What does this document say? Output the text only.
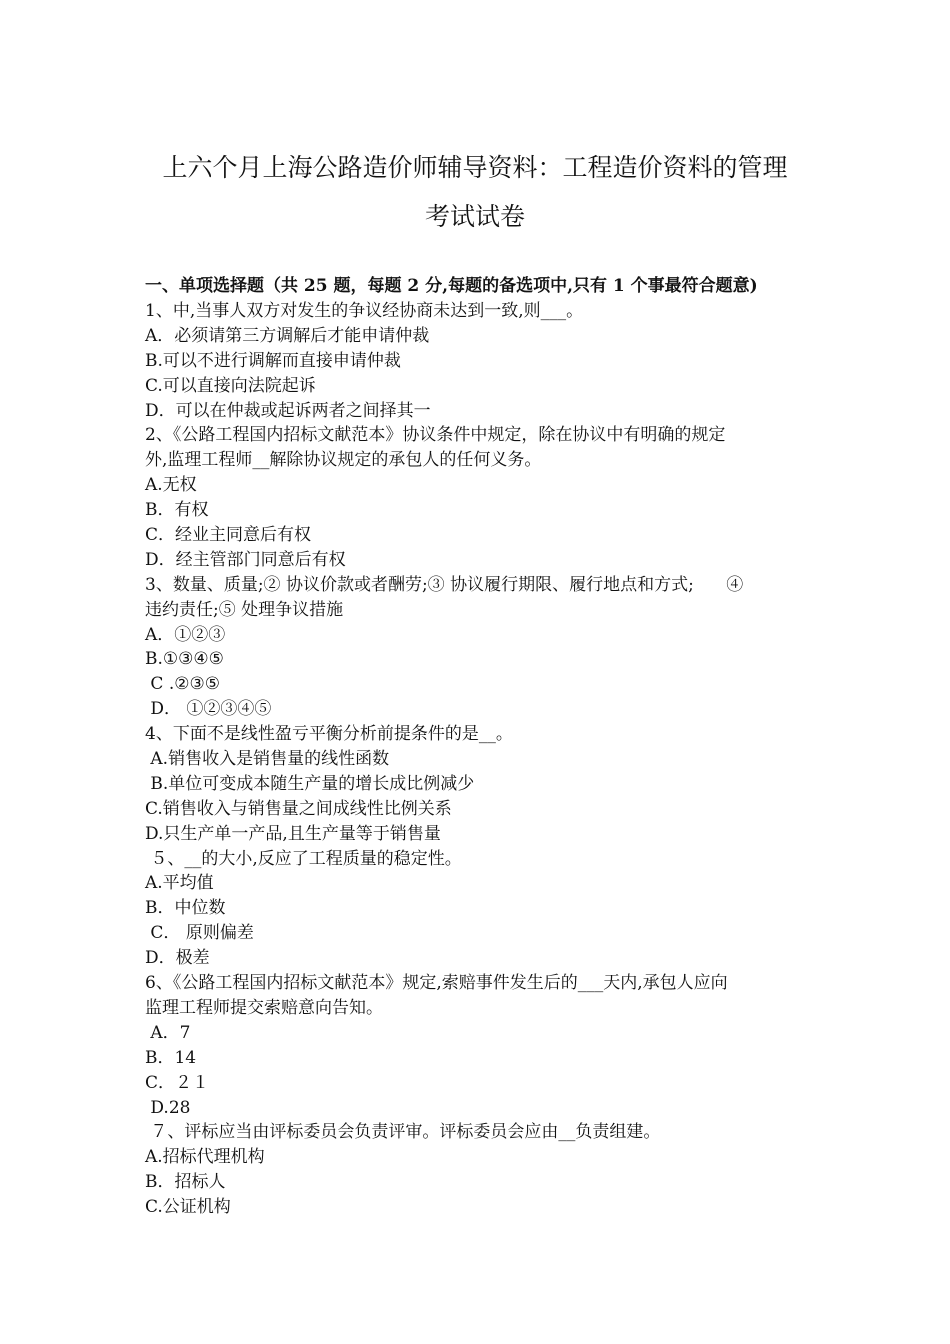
上六个月上海公路造价师辅导资料：工程造价资料的管理
考试试卷
一、单项选择题（共 25 题，每题 2 分,每题的备选项中,只有 1 个事最符合题意)
1、中,当事人双方对发生的争议经协商未达到一致,则___。
A．必须请第三方调解后才能申请仲裁
B.可以不进行调解而直接申请仲裁
C.可以直接向法院起诉
D．可以在仲裁或起诉两者之间择其一
2、《公路工程国内招标文献范本》协议条件中规定，除在协议中有明确的规定
外,监理工程师__解除协议规定的承包人的任何义务。
A.无权
B．有权
C．经业主同意后有权
D．经主管部门同意后有权
3、数量、质量;② 协议价款或者酬劳;③ 协议履行期限、履行地点和方式;      ④
违约责任;⑤ 处理争议措施
A．①②③
B.①③④⑤
C .②③⑤
D． ①②③④⑤
4、下面不是线性盈亏平衡分析前提条件的是__。
A.销售收入是销售量的线性函数
B.单位可变成本随生产量的增长成比例减少
C.销售收入与销售量之间成线性比例关系
D.只生产单一产品,且生产量等于销售量
５、__的大小,反应了工程质量的稳定性。
A.平均值
B．中位数
C． 原则偏差
D．极差
6、《公路工程国内招标文献范本》规定,索赔事件发生后的___天内,承包人应向
监理工程师提交索赔意向告知。
A．7
B．14
C．２１
D.28
７、评标应当由评标委员会负责评审。评标委员会应由__负责组建。
A.招标代理机构
B．招标人
C.公证机构
